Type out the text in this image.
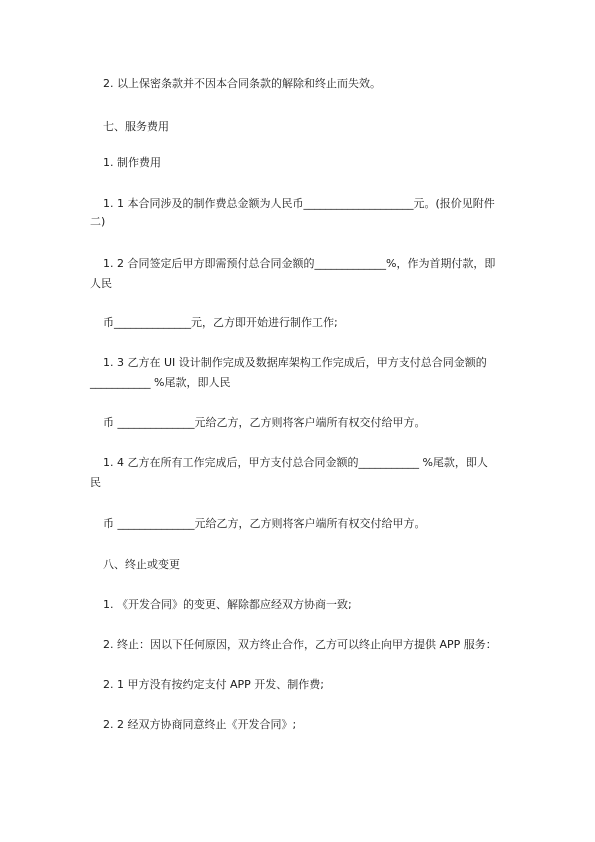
2. 以上保密条款并不因本合同条款的解除和终止而失效。
七、服务费用
1. 制作费用
1. 1 本合同涉及的制作费总金额为人民币____________________元。(报价见附件
二)
1. 2 合同签定后甲方即需预付总合同金额的_____________%，作为首期付款，即
人民
币______________元，乙方即开始进行制作工作;
1. 3 乙方在 UI 设计制作完成及数据库架构工作完成后，甲方支付总合同金额的
___________ %尾款，即人民
币 ______________元给乙方，乙方则将客户端所有权交付给甲方。
1. 4 乙方在所有工作完成后，甲方支付总合同金额的___________ %尾款，即人
民
币 ______________元给乙方，乙方则将客户端所有权交付给甲方。
八、终止或变更
1. 《开发合同》的变更、解除都应经双方协商一致;
2. 终止：因以下任何原因，双方终止合作，乙方可以终止向甲方提供 APP 服务：
2. 1 甲方没有按约定支付 APP 开发、制作费;
2. 2 经双方协商同意终止《开发合同》;
